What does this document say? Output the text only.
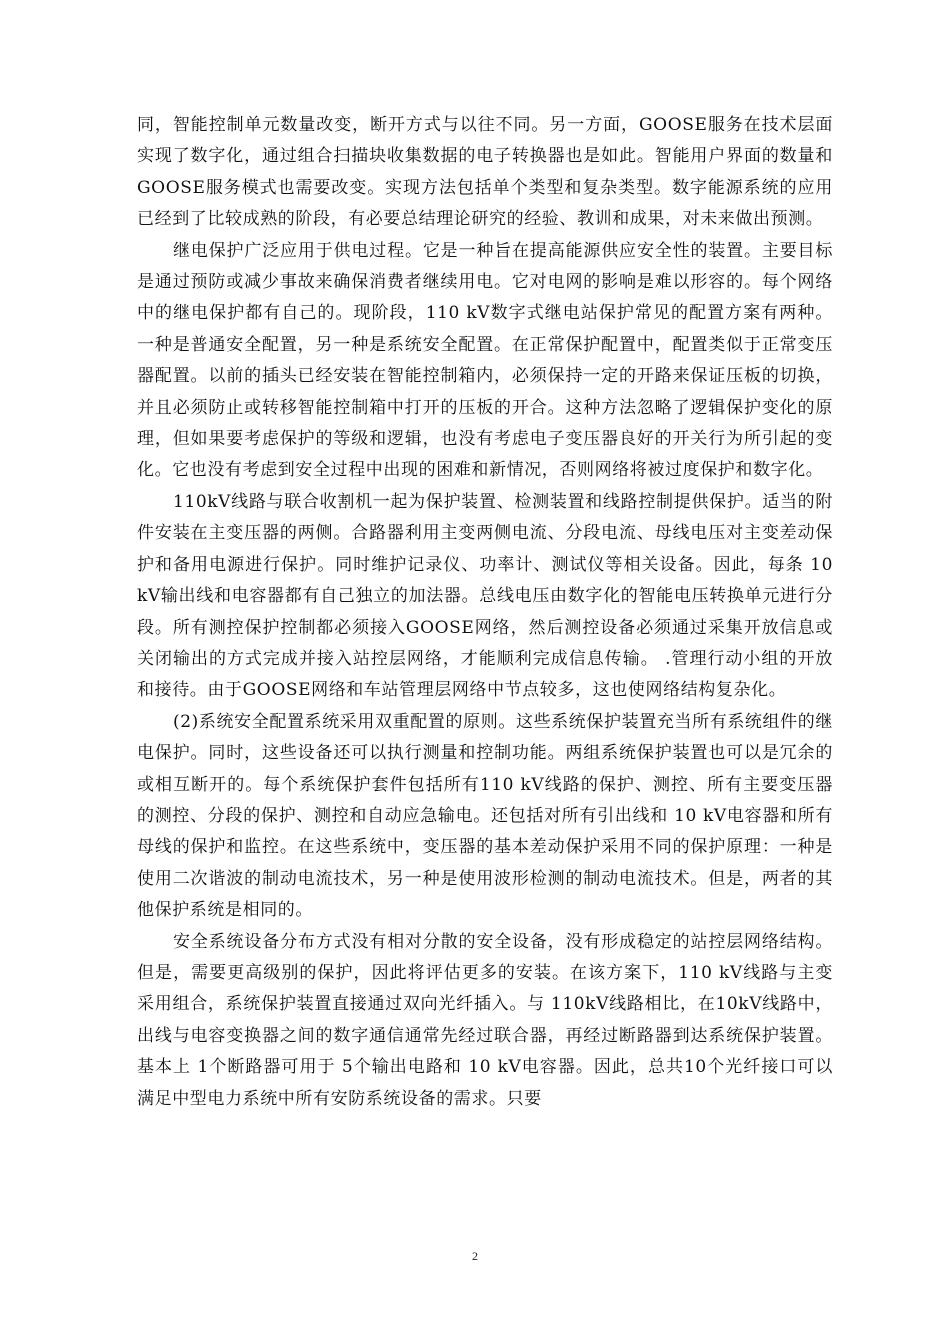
同，智能控制单元数量改变，断开方式与以往不同。另一方面，GOOSE服务在技术层面实现了数字化，通过组合扫描块收集数据的电子转换器也是如此。智能用户界面的数量和 GOOSE服务模式也需要改变。实现方法包括单个类型和复杂类型。数字能源系统的应用已经到了比较成熟的阶段，有必要总结理论研究的经验、教训和成果，对未来做出预测。

继电保护广泛应用于供电过程。它是一种旨在提高能源供应安全性的装置。主要目标是通过预防或减少事故来确保消费者继续用电。它对电网的影响是难以形容的。每个网络中的继电保护都有自己的。现阶段，110 kV数字式继电站保护常见的配置方案有两种。一种是普通安全配置，另一种是系统安全配置。在正常保护配置中，配置类似于正常变压器配置。以前的插头已经安装在智能控制箱内，必须保持一定的开路来保证压板的切换，并且必须防止或转移智能控制箱中打开的压板的开合。这种方法忽略了逻辑保护变化的原理，但如果要考虑保护的等级和逻辑，也没有考虑电子变压器良好的开关行为所引起的变化。它也没有考虑到安全过程中出现的困难和新情况，否则网络将被过度保护和数字化。

110kV线路与联合收割机一起为保护装置、检测装置和线路控制提供保护。适当的附件安装在主变压器的两侧。合路器利用主变两侧电流、分段电流、母线电压对主变差动保护和备用电源进行保护。同时维护记录仪、功率计、测试仪等相关设备。因此，每条 10 kV输出线和电容器都有自己独立的加法器。总线电压由数字化的智能电压转换单元进行分段。所有测控保护控制都必须接入GOOSE网络，然后测控设备必须通过采集开放信息或关闭输出的方式完成并接入站控层网络，才能顺利完成信息传输。 .管理行动小组的开放和接待。由于GOOSE网络和车站管理层网络中节点较多，这也使网络结构复杂化。

(2)系统安全配置系统采用双重配置的原则。这些系统保护装置充当所有系统组件的继电保护。同时，这些设备还可以执行测量和控制功能。两组系统保护装置也可以是冗余的或相互断开的。每个系统保护套件包括所有110 kV线路的保护、测控、所有主要变压器的测控、分段的保护、测控和自动应急输电。还包括对所有引出线和 10 kV电容器和所有母线的保护和监控。在这些系统中，变压器的基本差动保护采用不同的保护原理：一种是使用二次谐波的制动电流技术，另一种是使用波形检测的制动电流技术。但是，两者的其他保护系统是相同的。

安全系统设备分布方式没有相对分散的安全设备，没有形成稳定的站控层网络结构。但是，需要更高级别的保护，因此将评估更多的安装。在该方案下，110 kV线路与主变采用组合，系统保护装置直接通过双向光纤插入。与 110kV线路相比，在10kV线路中，出线与电容变换器之间的数字通信通常先经过联合器，再经过断路器到达系统保护装置。基本上 1个断路器可用于 5个输出电路和 10 kV电容器。因此，总共10个光纤接口可以满足中型电力系统中所有安防系统设备的需求。只要

2
